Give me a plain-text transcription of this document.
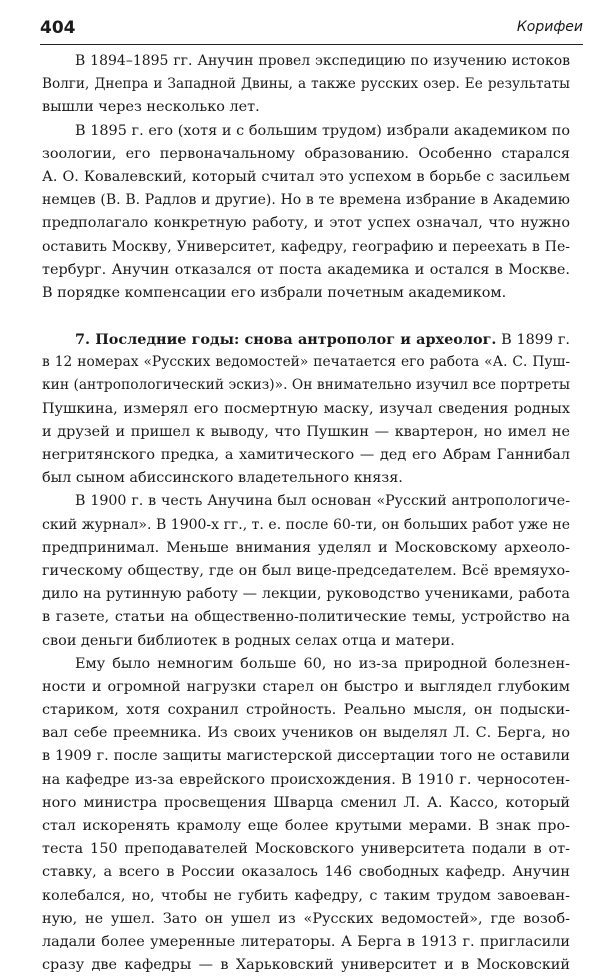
404	Корифеи
В 1894–1895 гг. Анучин провел экспедицию по изучению истоков
Волги, Днепра и Западной Двины, а также русских озер. Ее результаты
вышли через несколько лет.
В 1895 г. его (хотя и с большим трудом) избрали академиком по
зоологии, его первоначальному образованию. Особенно старался
А. О. Ковалевский, который считал это успехом в борьбе с засильем
немцев (В. В. Радлов и другие). Но в те времена избрание в Академию
предполагало конкретную работу, и этот успех означал, что нужно
оставить Москву, Университет, кафедру, географию и переехать в Пе-
тербург. Анучин отказался от поста академика и остался в Москве.
В порядке компенсации его избрали почетным академиком.
7. Последние годы: снова антрополог и археолог. В 1899 г.
в 12 номерах «Русских ведомостей» печатается его работа «А. С. Пуш-
кин (антропологический эскиз)». Он внимательно изучил все портреты
Пушкина, измерял его посмертную маску, изучал сведения родных
и друзей и пришел к выводу, что Пушкин — квартерон, но имел не
негритянского предка, а хамитического — дед его Абрам Ганнибал
был сыном абиссинского владетельного князя.
В 1900 г. в честь Анучина был основан «Русский антропологиче-
ский журнал». В 1900-х гг., т. е. после 60-ти, он больших работ уже не
предпринимал. Меньше внимания уделял и Московскому археоло-
гическому обществу, где он был вице-председателем. Всё времяухо-
дило на рутинную работу — лекции, руководство учениками, работа
в газете, статьи на общественно-политические темы, устройство на
свои деньги библиотек в родных селах отца и матери.
Ему было немногим больше 60, но из-за природной болезнен-
ности и огромной нагрузки старел он быстро и выглядел глубоким
стариком, хотя сохранил стройность. Реально мысля, он подыски-
вал себе преемника. Из своих учеников он выделял Л. С. Берга, но
в 1909 г. после защиты магистерской диссертации того не оставили
на кафедре из-за еврейского происхождения. В 1910 г. черносотен-
ного министра просвещения Шварца сменил Л. А. Кассо, который
стал искоренять крамолу еще более крутыми мерами. В знак про-
теста 150 преподавателей Московского университета подали в от-
ставку, а всего в России оказалось 146 свободных кафедр. Анучин
колебался, но, чтобы не губить кафедру, с таким трудом завоеван-
ную, не ушел. Зато он ушел из «Русских ведомостей», где возоб-
ладали более умеренные литераторы. А Берга в 1913 г. пригласили
сразу две кафедры — в Харьковский университет и в Московский
